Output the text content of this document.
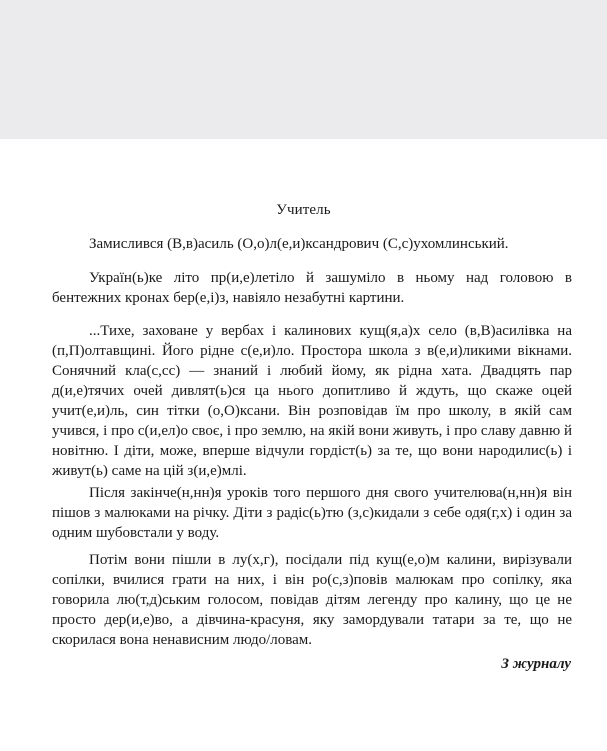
Учитель
Замислився (В,в)асиль (О,о)л(е,и)ксандрович (С,с)ухомлинський.
Україн(ь)ке літо пр(и,е)летіло й зашуміло в ньому над головою в бентежних кронах бер(е,і)з, навіяло незабутні картини.
...Тихе, заховане у вербах і калинових кущ(я,а)х село (в,В)асилівка на (п,П)олтавщині. Його рідне с(е,и)ло. Простора школа з в(е,и)ликими вікнами. Сонячний кла(с,сс) — знаний і любий йому, як рідна хата. Двадцять пар д(и,е)тячих очей дивлят(ь)ся ца нього допитливо й ждуть, що скаже оцей учит(е,и)ль, син тітки (о,О)ксани. Він розповідав їм про школу, в якій сам учився, і про с(и,ел)о своє, і про землю, на якій вони живуть, і про славу давню й новітню. І діти, може, вперше відчули гордіст(ь) за те, що вони народилис(ь) і живут(ь) саме на цій з(и,е)млі.
Після закінче(н,нн)я уроків того першого дня свого учителюва(н,нн)я він пішов з малюками на річку. Діти з радіс(ь)тю (з,с)кидали з себе одя(г,х) і один за одним шубовстали у воду.
Потім вони пішли в лу(х,г), посідали під кущ(е,о)м калини, вирізували сопілки, вчилися грати на них, і він ро(с,з)повів малюкам про сопілку, яка говорила лю(т,д)ським голосом, повідав дітям легенду про калину, що це не просто дер(и,е)во, а дівчина-красуня, яку замордували татари за те, що не скорилася вона ненависним людо/ловам.
З журналу
